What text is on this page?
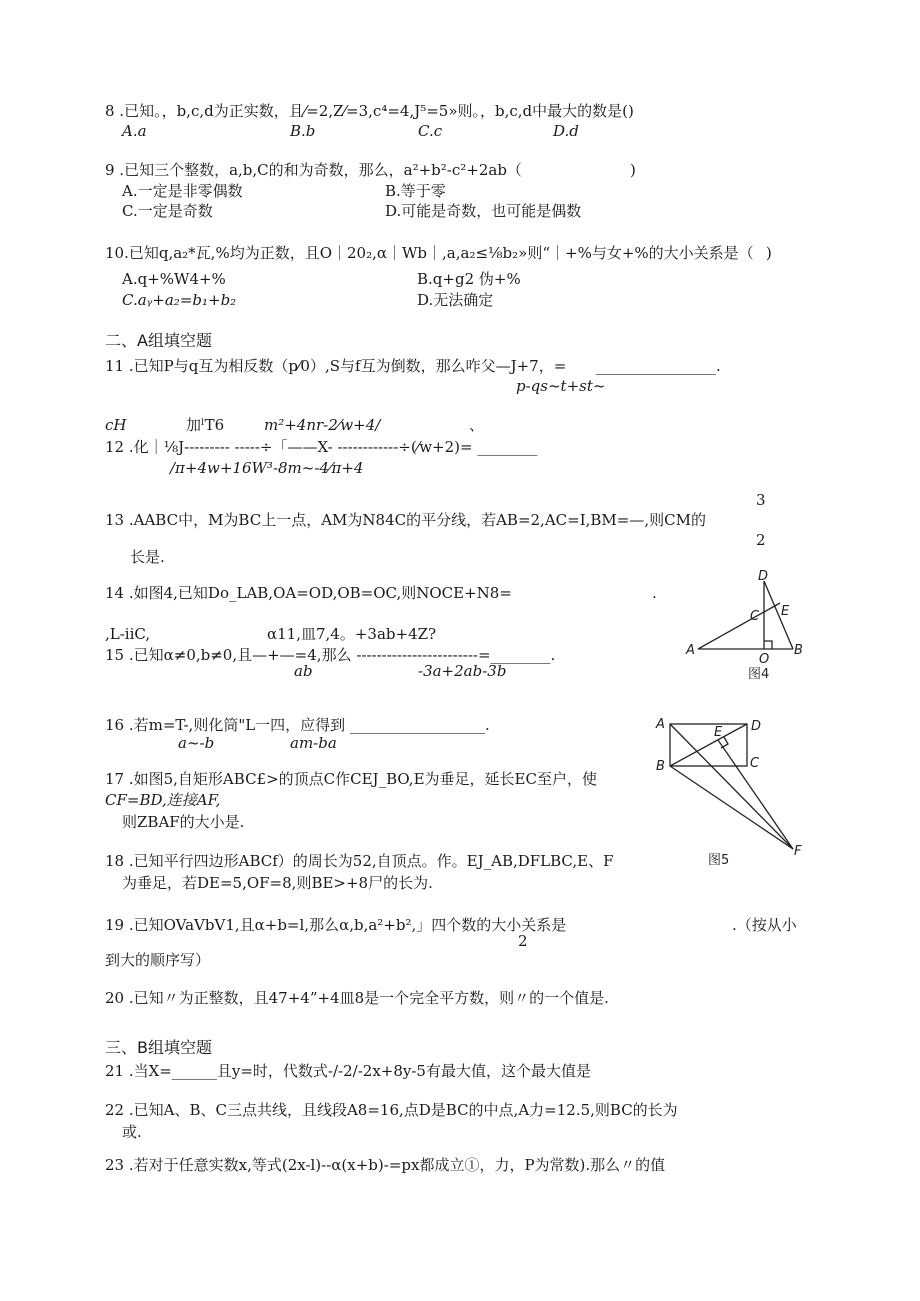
8 .已知。，b,c,d为正实数，且⁄=2,Z⁄=3,c⁴=4,J⁵=5»则。，b,c,d中最大的数是()
A.a	B.b	C.c	D.d
9 .已知三个整数，a,b,C的和为奇数，那么，a²+b²-c²+2ab（	)
A.一定是非零偶数	B.等于零
C.一定是奇数	D.可能是奇数，也可能是偶数
10.已知q,a₂*瓦,%均为正数，且O｜20₂,α｜Wb｜,a,a₂≤⅛b₂»则“｜+%与女+%的大小关系是（ )
A.q+%W4+%	B.q+g2 伪+%
C.aᵧ+a₂=b₁+b₂	D.无法确定
二、A组填空题
11 .已知P与q互为相反数（p⁄0）,S与f互为倒数，那么咋父—J+7，= ________________.
p-qs~t+st~
cH	加ˡT6	m²+4nr-2⁄w+4/	、
12 .化｜⅛J--------- -----÷「——X- ------------÷(⁄w+2)= ________
/π+4w+16W³-8m~-4⁄π+4
3
13 .AABC中，M为BC上一点，AM为N84C的平分线，若AB=2,AC=I,BM=—,则CM的
2
长是.
14 .如图4,已知Do_LAB,OA=OD,OB=OC,则NOCE+N8=	.
,L-iiC,	α11,皿7,4。+3ab+4Z?
15 .已知α≠0,b≠0,且—+—=4,那么 ------------------------=________.
ab	-3a+2ab-3b
D
C E
A
O
B
图4
16 .若m=T-,则化筒"L一四，应得到 __________________.
a~-b	am-ba
17 .如图5,自矩形ABC£>的顶点C作CEJ_BO,E为垂足，延长EC至户，使
CF=BD,连接AF,
则ZBAF的大小是.
A	D
E
B	C
F
图5
18 .已知平行四边形ABCf）的周长为52,自顶点。作。EJ_AB,DFLBC,E、F
为垂足，若DE=5,OF=8,则BE>+8尸的长为.
19 .已知OVaVbV1,且α+b=l,那么α,b,a²+b²,」四个数的大小关系是
2
.（按从小
到大的顺序写）
20 .已知〃为正整数，且47+4”+4皿8是一个完全平方数，则〃的一个值是.
三、B组填空题
21 .当X=______且y=时，代数式-/-2/-2x+8y-5有最大值，这个最大值是
22 .已知A、B、C三点共线，且线段A8=16,点D是BC的中点,A力=12.5,则BC的长为
或.
23 .若对于任意实数x,等式(2x-l)--α(x+b)-=px都成立①，力，P为常数).那么〃的值
